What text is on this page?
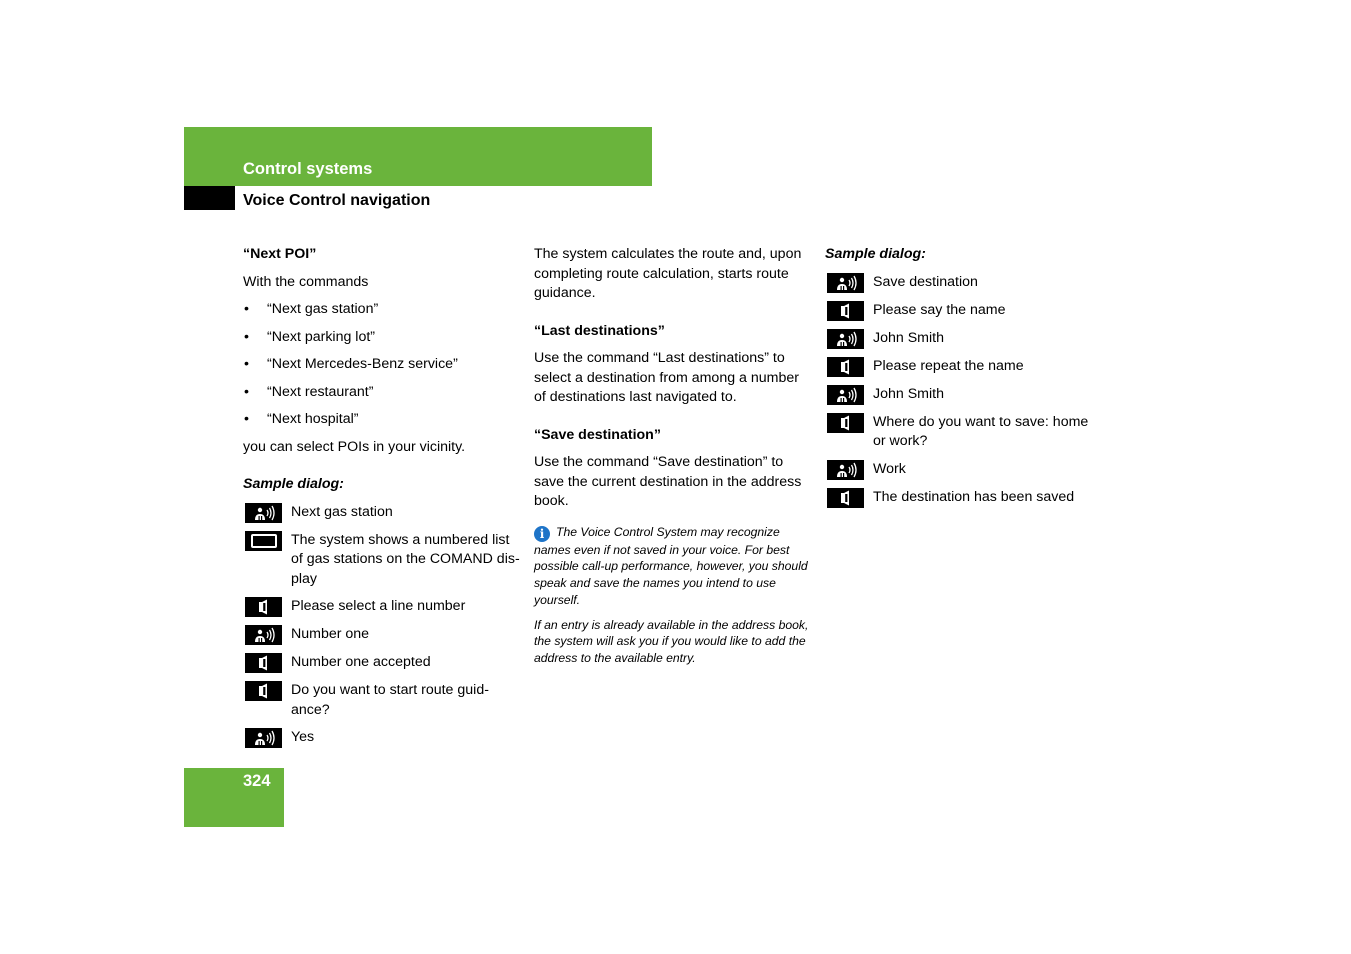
Control systems
Voice Control navigation
“Next POI”
With the commands
•	“Next gas station”
•	“Next parking lot”
•	“Next Mercedes-Benz service”
•	“Next restaurant”
•	“Next hospital”
you can select POIs in your vicinity.
Sample dialog:
Next gas station
The system shows a numbered list of gas stations on the COMAND dis-play
Please select a line number
Number one
Number one accepted
Do you want to start route guid-ance?
Yes
The system calculates the route and, upon completing route calculation, starts route guidance.
“Last destinations”
Use the command “Last destinations” to select a destination from among a number of destinations last navigated to.
“Save destination”
Use the command “Save destination” to save the current destination in the address book.
i The Voice Control System may recognize names even if not saved in your voice. For best possible call-up performance, however, you should speak and save the names you intend to use yourself.
If an entry is already available in the address book, the system will ask you if you would like to add the address to the available entry.
Sample dialog:
Save destination
Please say the name
John Smith
Please repeat the name
John Smith
Where do you want to save: home or work?
Work
The destination has been saved
324
